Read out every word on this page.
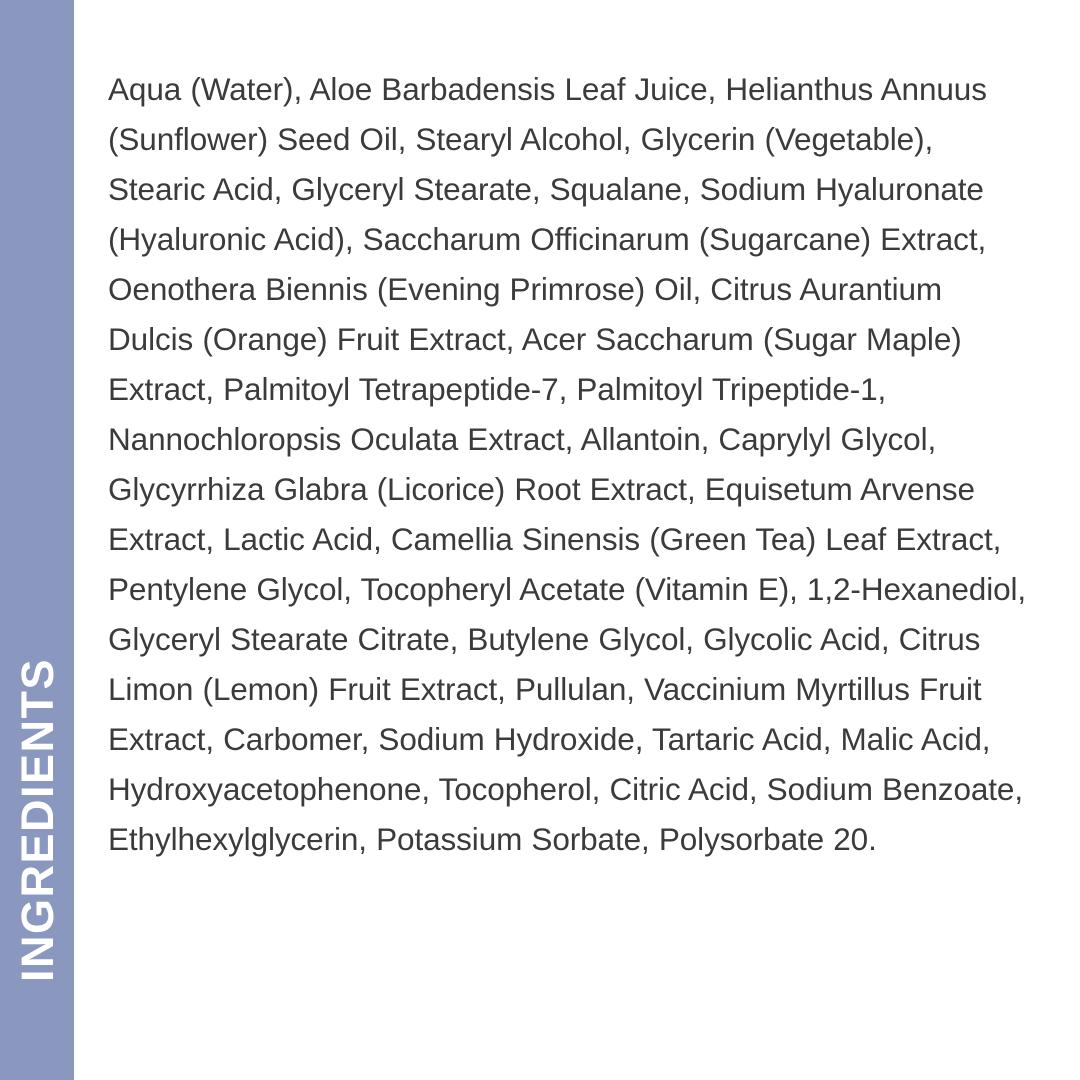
INGREDIENTS

Aqua (Water), Aloe Barbadensis Leaf Juice, Helianthus Annuus (Sunflower) Seed Oil, Stearyl Alcohol, Glycerin (Vegetable), Stearic Acid, Glyceryl Stearate, Squalane, Sodium Hyaluronate (Hyaluronic Acid), Saccharum Officinarum (Sugarcane) Extract, Oenothera Biennis (Evening Primrose) Oil, Citrus Aurantium Dulcis (Orange) Fruit Extract, Acer Saccharum (Sugar Maple) Extract, Palmitoyl Tetrapeptide-7, Palmitoyl Tripeptide-1, Nannochloropsis Oculata Extract, Allantoin, Caprylyl Glycol, Glycyrrhiza Glabra (Licorice) Root Extract, Equisetum Arvense Extract, Lactic Acid, Camellia Sinensis (Green Tea) Leaf Extract, Pentylene Glycol, Tocopheryl Acetate (Vitamin E), 1,2-Hexanediol, Glyceryl Stearate Citrate, Butylene Glycol, Glycolic Acid, Citrus Limon (Lemon) Fruit Extract, Pullulan, Vaccinium Myrtillus Fruit Extract, Carbomer, Sodium Hydroxide, Tartaric Acid, Malic Acid, Hydroxyacetophenone, Tocopherol, Citric Acid, Sodium Benzoate, Ethylhexylglycerin, Potassium Sorbate, Polysorbate 20.
